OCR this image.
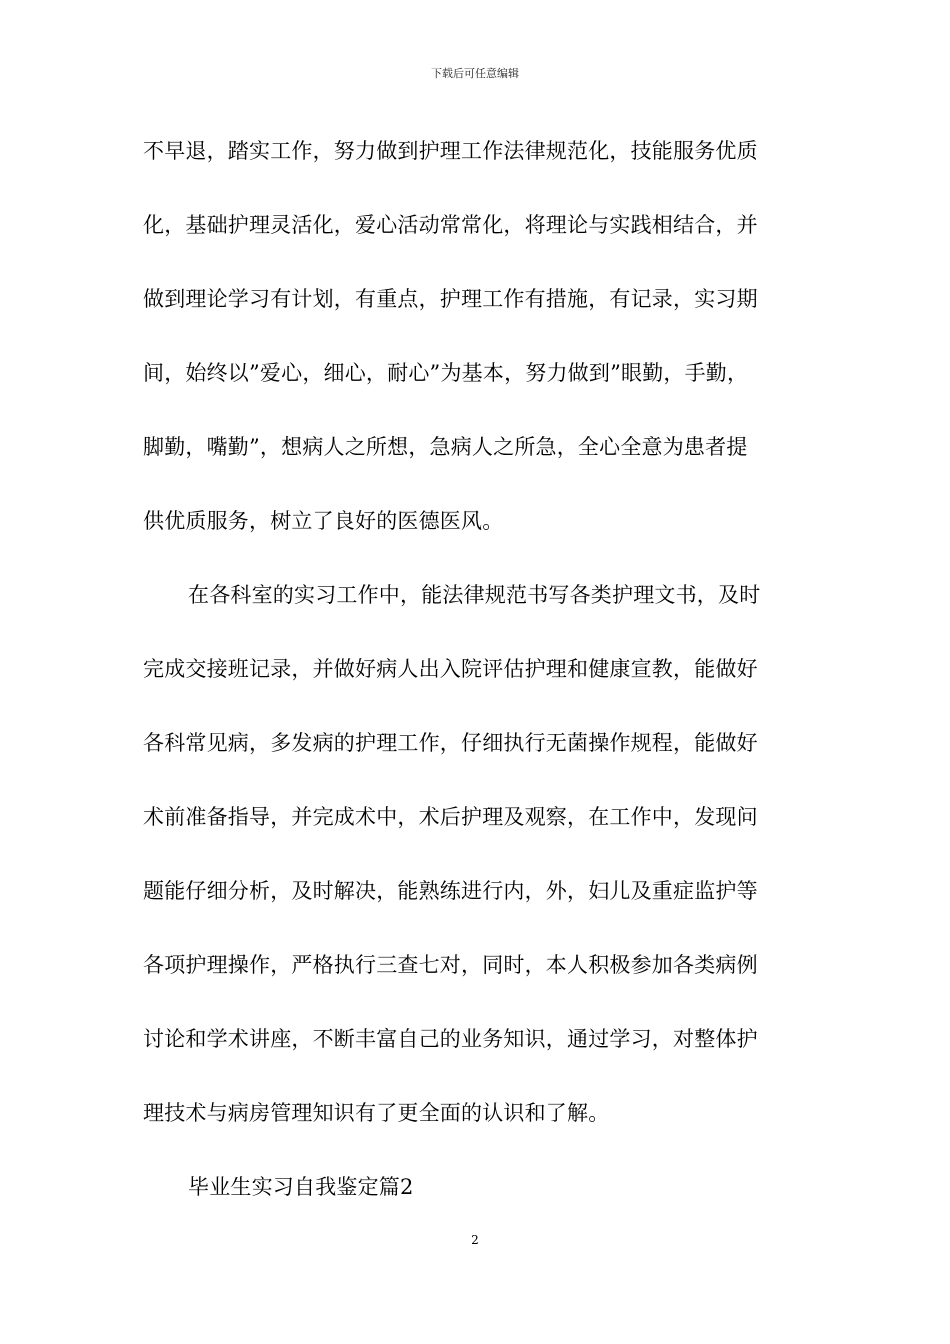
下载后可任意编辑
不早退，踏实工作，努力做到护理工作法律规范化，技能服务优质
化，基础护理灵活化，爱心活动常常化，将理论与实践相结合，并
做到理论学习有计划，有重点，护理工作有措施，有记录，实习期
间，始终以”爱心，细心，耐心”为基本，努力做到”眼勤，手勤，
脚勤，嘴勤”，想病人之所想，急病人之所急，全心全意为患者提
供优质服务，树立了良好的医德医风。
在各科室的实习工作中，能法律规范书写各类护理文书，及时
完成交接班记录，并做好病人出入院评估护理和健康宣教，能做好
各科常见病，多发病的护理工作，仔细执行无菌操作规程，能做好
术前准备指导，并完成术中，术后护理及观察，在工作中，发现问
题能仔细分析，及时解决，能熟练进行内，外，妇儿及重症监护等
各项护理操作，严格执行三查七对，同时，本人积极参加各类病例
讨论和学术讲座，不断丰富自己的业务知识，通过学习，对整体护
理技术与病房管理知识有了更全面的认识和了解。
毕业生实习自我鉴定篇2
2
